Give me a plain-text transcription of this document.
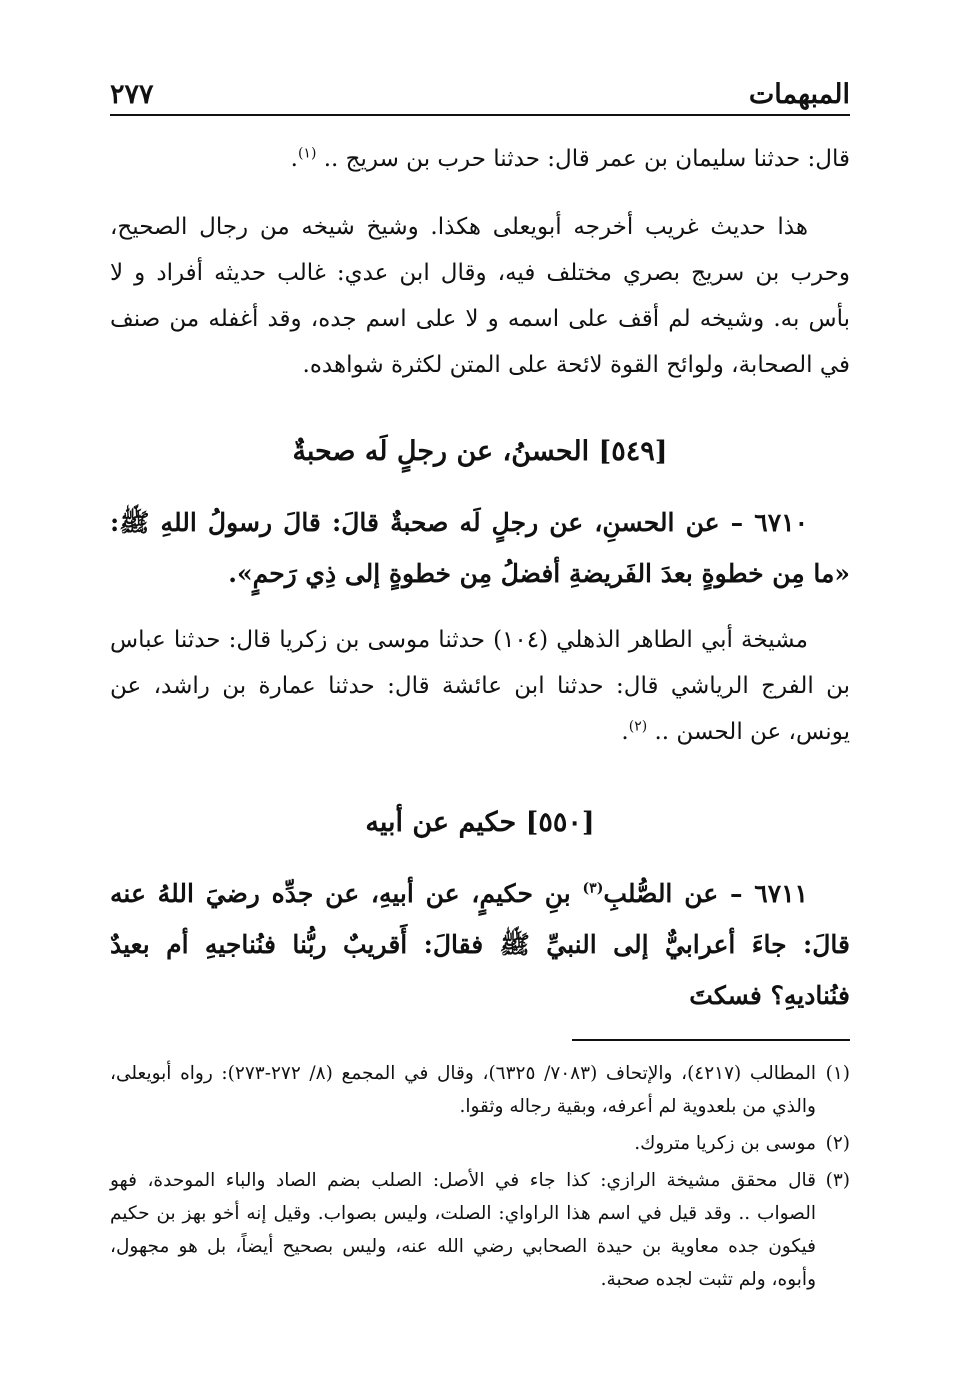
المبهمات
٢٧٧

قال: حدثنا سليمان بن عمر قال: حدثنا حرب بن سريج .. $^{(١)}$.

هذا حديث غريب أخرجه أبويعلى هكذا. وشيخ شيخه من رجال الصحيح، وحرب بن سريج بصري مختلف فيه، وقال ابن عدي: غالب حديثه أفراد و لا بأس به. وشيخه لم أقف على اسمه و لا على اسم جده، وقد أغفله من صنف في الصحابة، ولوائح القوة لائحة على المتن لكثرة شواهده.

[٥٤٩] الحسنُ، عن رجلٍ لَه صحبةٌ

٦٧١٠ – عن الحسنِ، عن رجلٍ لَه صحبةٌ قالَ: قالَ رسولُ اللهِ ﷺ: «ما مِن خطوةٍ بعدَ الفَريضةِ أفضلُ مِن خطوةٍ إلى ذِي رَحمٍ».

مشيخة أبي الطاهر الذهلي (١٠٤) حدثنا موسى بن زكريا قال: حدثنا عباس بن الفرج الرياشي قال: حدثنا ابن عائشة قال: حدثنا عمارة بن راشد، عن يونس، عن الحسن .. $^{(٢)}$.

[٥٥٠] حكيم عن أبيه

٦٧١١ – عن الصُّلبِ$^{(٣)}$ بنِ حكيمٍ، عن أبيهِ، عن جدِّه رضيَ اللهُ عنه قالَ: جاءَ أعرابيٌّ إلى النبيِّ ﷺ فقالَ: أَقريبٌ ربُّنا فنُناجيهِ أم بعيدٌ فنُناديهِ؟ فسكتَ

(١)
المطالب (٤٢١٧)، والإتحاف (٧٠٨٣/ ٦٣٢٥)، وقال في المجمع (٨/ ٢٧٢-٢٧٣): رواه أبويعلى، والذي من بلعدوية لم أعرفه، وبقية رجاله وثقوا.
(٢)
موسى بن زكريا متروك.
(٣)
قال محقق مشيخة الرازي: كذا جاء في الأصل: الصلب بضم الصاد والباء الموحدة، فهو الصواب .. وقد قيل في اسم هذا الراواي: الصلت، وليس بصواب. وقيل إنه أخو بهز بن حكيم فيكون جده معاوية بن حيدة الصحابي رضي الله عنه، وليس بصحيح أيضاً، بل هو مجهول، وأبوه، ولم تثبت لجده صحبة.
